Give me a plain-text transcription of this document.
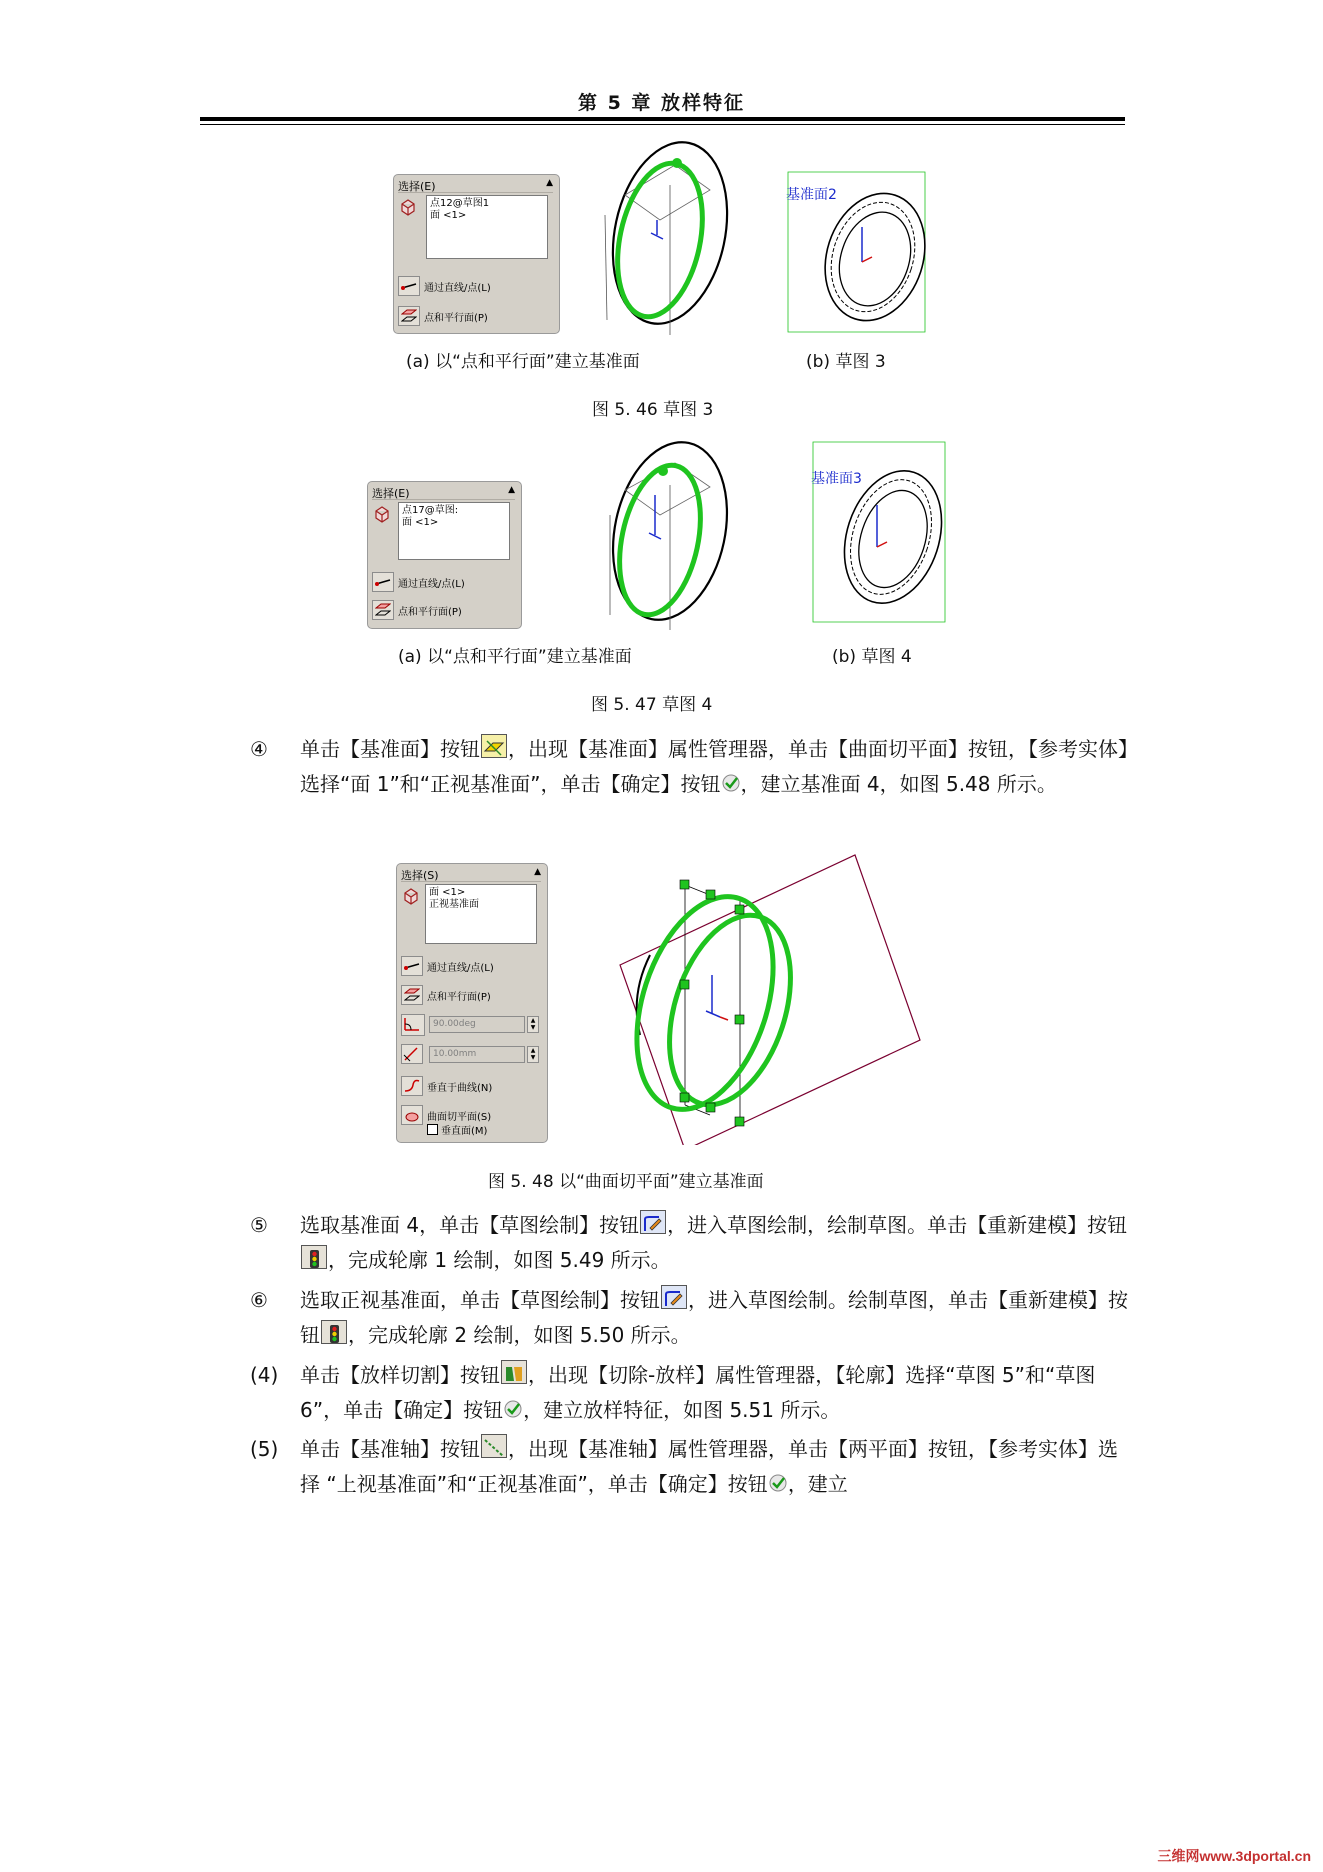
第 5 章 放样特征
选择(E)	▲
点12@草图1
面 <1>
通过直线/点(L)
点和平行面(P)
基准面2
(a) 以“点和平行面”建立基准面	(b) 草图 3
图 5. 46 草图 3
选择(E)	▲
点17@草图:
面 <1>
通过直线/点(L)
点和平行面(P)
基准面3
(a) 以“点和平行面”建立基准面	(b) 草图 4
图 5. 47 草图 4
④	单击【基准面】按钮 ，出现【基准面】属性管理器，单击【曲面切平面】按钮，【参考实体】选择“面 1”和“正视基准面”，单击【确定】按钮 ，建立基准面 4，如图 5.48 所示。
选择(S)	▲
面 <1>
正视基准面
通过直线/点(L)
点和平行面(P)
90.00deg	▲
▼
10.00mm	▲
▼
垂直于曲线(N)
曲面切平面(S)
垂直面(M)
图 5. 48 以“曲面切平面”建立基准面
⑤	选取基准面 4，单击【草图绘制】按钮 ，进入草图绘制，绘制草图。单击【重新建模】按钮，完成轮廓 1 绘制，如图 5.49 所示。
⑥	选取正视基准面，单击【草图绘制】按钮 ，进入草图绘制。绘制草图，单击【重新建模】按钮 ，完成轮廓 2 绘制，如图 5.50 所示。
(4)	单击【放样切割】按钮 ，出现【切除-放样】属性管理器，【轮廓】选择“草图 5”和“草图 6”，单击【确定】按钮 ，建立放样特征，如图 5.51 所示。
(5)	单击【基准轴】按钮 ，出现【基准轴】属性管理器，单击【两平面】按钮，【参考实体】选择 “上视基准面”和“正视基准面”，单击【确定】按钮 ，建立
三维网www.3dportal.cn
